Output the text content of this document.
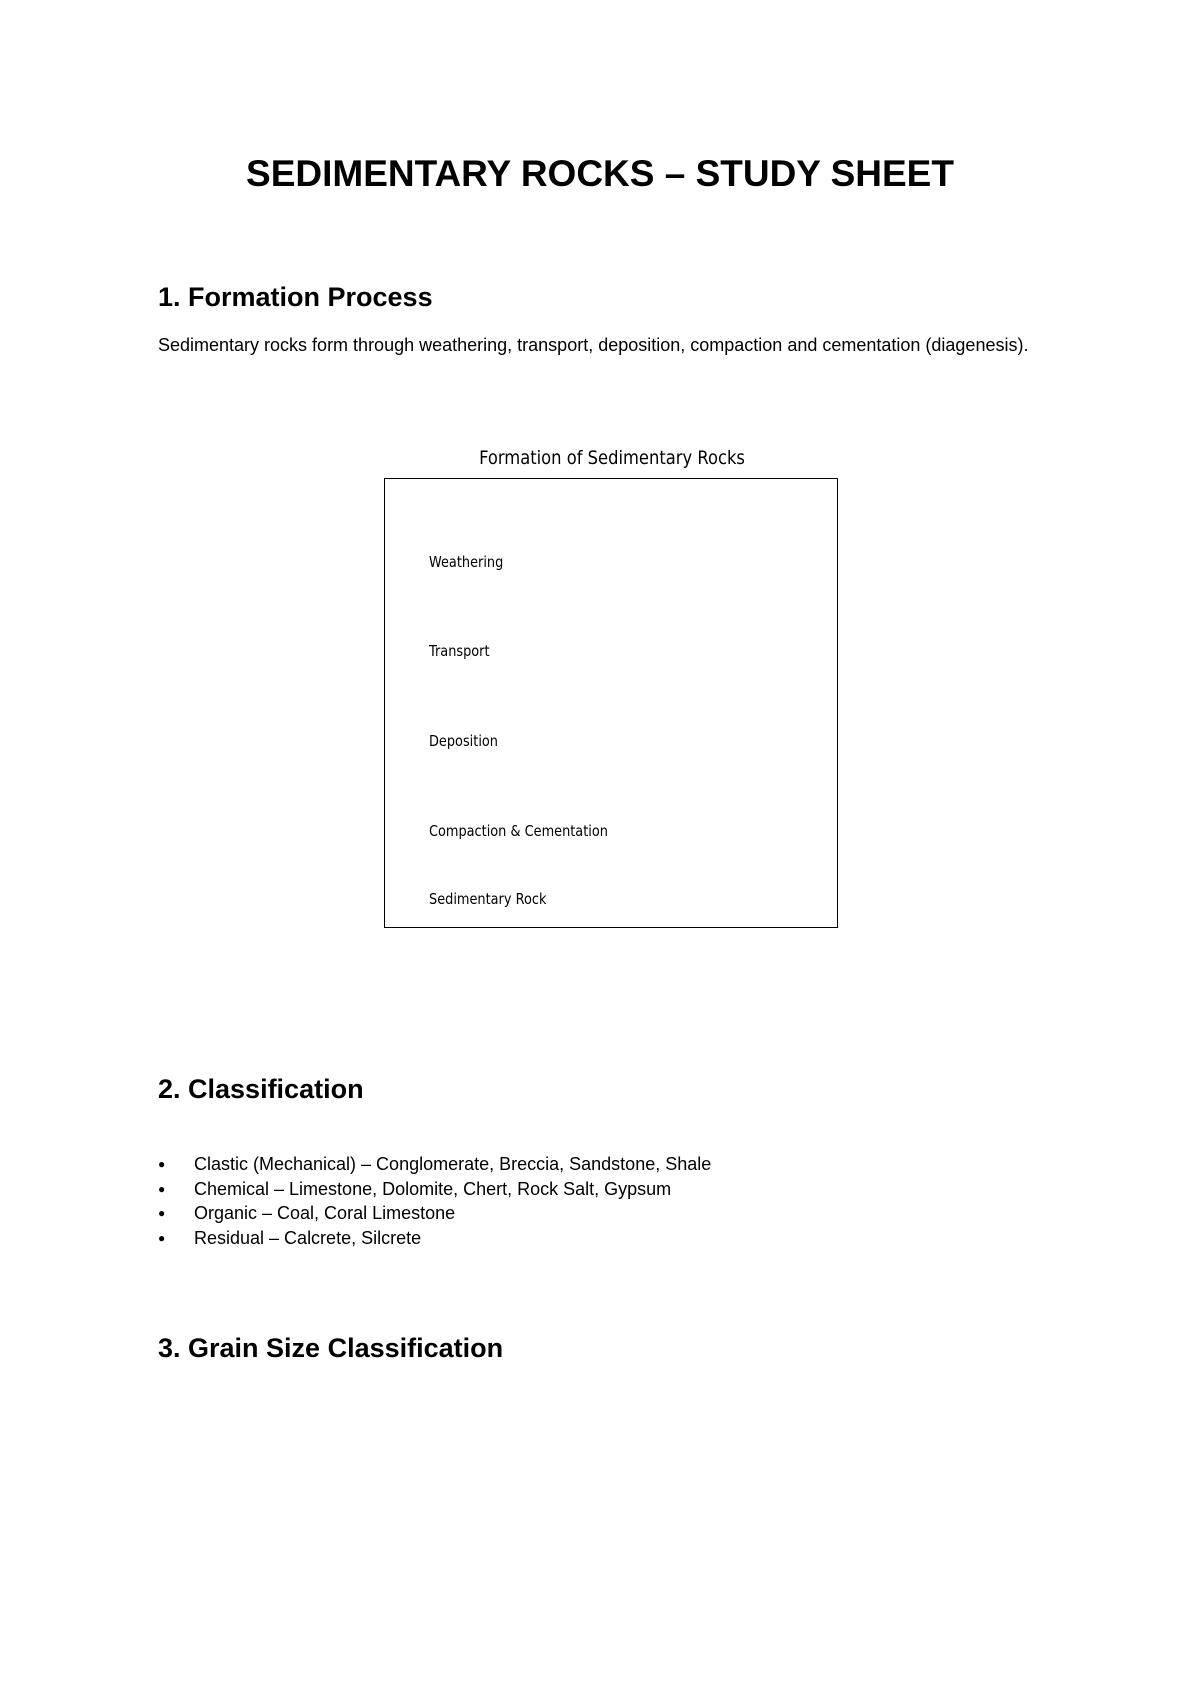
SEDIMENTARY ROCKS – STUDY SHEET
1. Formation Process

Sedimentary rocks form through weathering, transport, deposition, compaction and cementation (diagenesis).

Formation of Sedimentary Rocks
Weathering
Transport
Deposition
Compaction & Cementation
Sedimentary Rock
2. Classification
● Clastic (Mechanical) – Conglomerate, Breccia, Sandstone, Shale
● Chemical – Limestone, Dolomite, Chert, Rock Salt, Gypsum
● Organic – Coal, Coral Limestone
● Residual – Calcrete, Silcrete
3. Grain Size Classification
